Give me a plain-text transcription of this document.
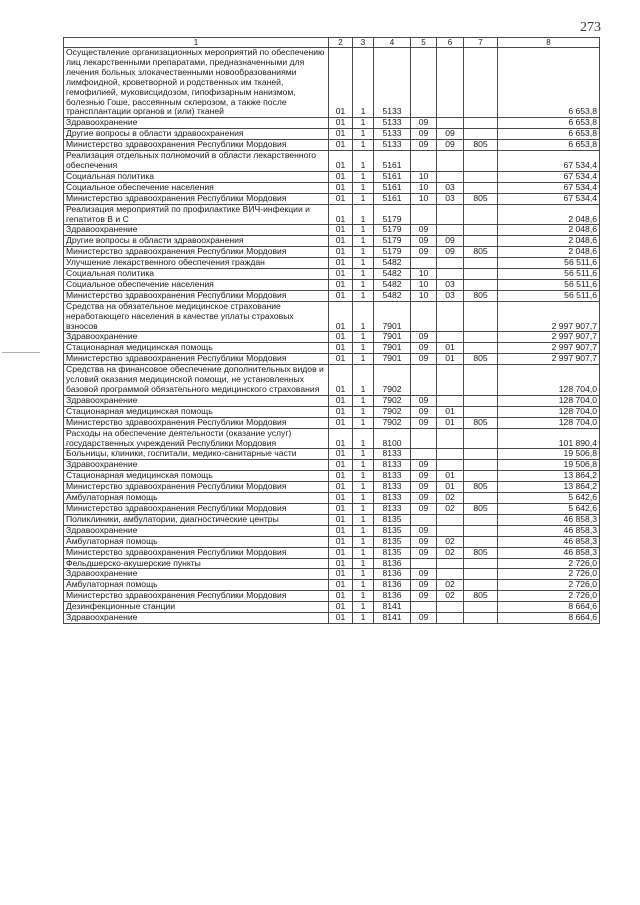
273
1	2	3	4	5	6	7	8
Осуществление организационных мероприятий по обеспечению лиц лекарственными препаратами, предназначенными для лечения больных злокачественными новообразованиями лимфоидной, кроветворной и родственных им тканей, гемофилией, муковисцидозом, гипофизарным нанизмом, болезнью Гоше, рассеянным склерозом, а также после трансплантации органов и (или) тканей	01	1	5133				6 653,8
Здравоохранение	01	1	5133	09			6 653,8
Другие вопросы в области здравоохранения	01	1	5133	09	09		6 653,8
Министерство здравоохранения Республики Мордовия	01	1	5133	09	09	805	6 653,8
Реализация отдельных полномочий в области лекарственного обеспечения	01	1	5161				67 534,4
Социальная политика	01	1	5161	10			67 534,4
Социальное обеспечение населения	01	1	5161	10	03		67 534,4
Министерство здравоохранения Республики Мордовия	01	1	5161	10	03	805	67 534,4
Реализация мероприятий по профилактике ВИЧ-инфекции и гепатитов B и C	01	1	5179				2 048,6
Здравоохранение	01	1	5179	09			2 048,6
Другие вопросы в области здравоохранения	01	1	5179	09	09		2 048,6
Министерство здравоохранения Республики Мордовия	01	1	5179	09	09	805	2 048,6
Улучшение лекарственного обеспечения граждан	01	1	5482				56 511,6
Социальная политика	01	1	5482	10			56 511,6
Социальное обеспечение населения	01	1	5482	10	03		56 511,6
Министерство здравоохранения Республики Мордовия	01	1	5482	10	03	805	56 511,6
Средства на обязательное медицинское страхование неработающего населения в качестве уплаты страховых взносов	01	1	7901				2 997 907,7
Здравоохранение	01	1	7901	09			2 997 907,7
Стационарная медицинская помощь	01	1	7901	09	01		2 997 907,7
Министерство здравоохранения Республики Мордовия	01	1	7901	09	01	805	2 997 907,7
Средства на финансовое обеспечение дополнительных видов и условий оказания медицинской помощи, не установленных базовой программой обязательного медицинского страхования	01	1	7902				128 704,0
Здравоохранение	01	1	7902	09			128 704,0
Стационарная медицинская помощь	01	1	7902	09	01		128 704,0
Министерство здравоохранения Республики Мордовия	01	1	7902	09	01	805	128 704,0
Расходы на обеспечение деятельности (оказание услуг) государственных учреждений Республики Мордовия	01	1	8100				101 890,4
Больницы, клиники, госпитали, медико-санитарные части	01	1	8133				19 506,8
Здравоохранение	01	1	8133	09			19 506,8
Стационарная медицинская помощь	01	1	8133	09	01		13 864,2
Министерство здравоохранения Республики Мордовия	01	1	8133	09	01	805	13 864,2
Амбулаторная помощь	01	1	8133	09	02		5 642,6
Министерство здравоохранения Республики Мордовия	01	1	8133	09	02	805	5 642,6
Поликлиники, амбулатории, диагностические центры	01	1	8135				46 858,3
Здравоохранение	01	1	8135	09			46 858,3
Амбулаторная помощь	01	1	8135	09	02		46 858,3
Министерство здравоохранения Республики Мордовия	01	1	8135	09	02	805	46 858,3
Фельдшерско-акушерские пункты	01	1	8136				2 726,0
Здравоохранение	01	1	8136	09			2 726,0
Амбулаторная помощь	01	1	8136	09	02		2 726,0
Министерство здравоохранения Республики Мордовия	01	1	8136	09	02	805	2 726,0
Дезинфекционные станции	01	1	8141				8 664,6
Здравоохранение	01	1	8141	09			8 664,6
